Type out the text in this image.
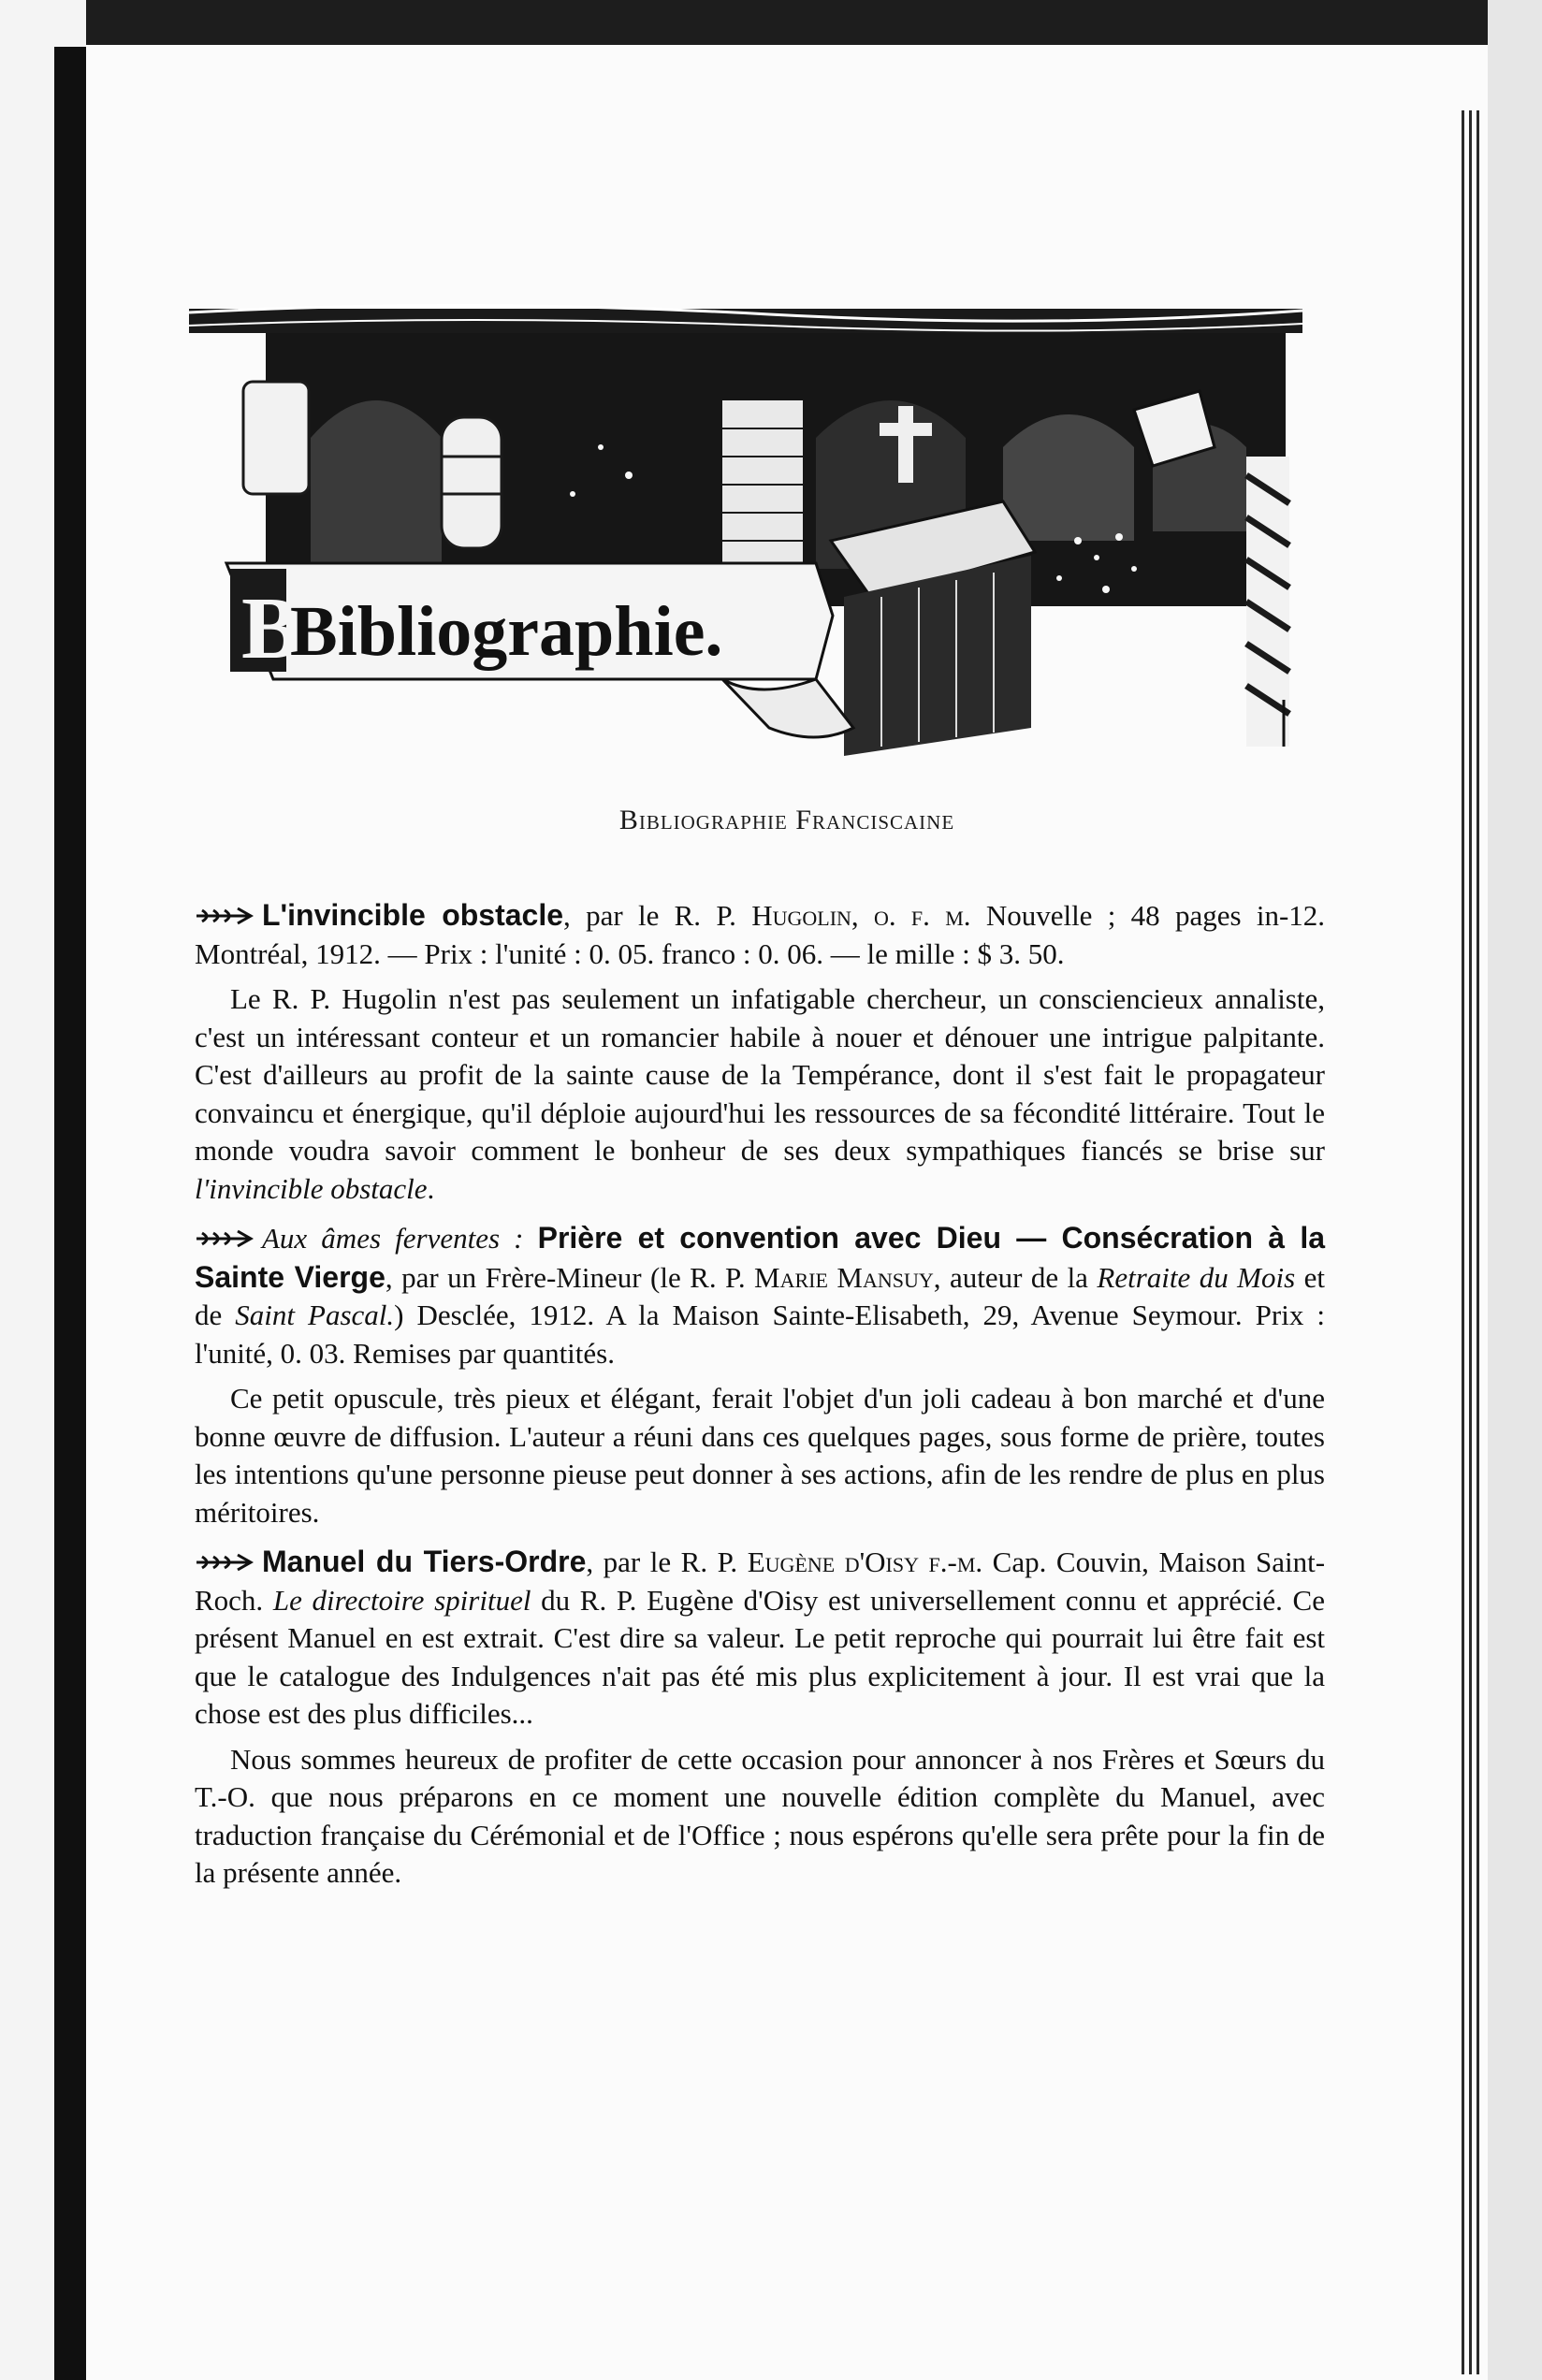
B
Bibliographie.
Bibliographie Franciscaine

L'invincible obstacle, par le R. P. Hugolin, o. f. m. Nouvelle ; 48 pages in-12. Montréal, 1912. — Prix : l'unité : 0. 05. franco : 0. 06. — le mille : $ 3. 50.

Le R. P. Hugolin n'est pas seulement un infatigable chercheur, un consciencieux annaliste, c'est un intéressant conteur et un romancier habile à nouer et dénouer une intrigue palpitante. C'est d'ailleurs au profit de la sainte cause de la Tempérance, dont il s'est fait le propagateur convaincu et énergique, qu'il déploie aujourd'hui les ressources de sa fécondité littéraire. Tout le monde voudra savoir comment le bonheur de ses deux sympathiques fiancés se brise sur l'invincible obstacle.

Aux âmes ferventes : Prière et convention avec Dieu — Consécration à la Sainte Vierge, par un Frère-Mineur (le R. P. Marie Mansuy, auteur de la Retraite du Mois et de Saint Pascal.) Desclée, 1912. A la Maison Sainte-Elisabeth, 29, Avenue Seymour. Prix : l'unité, 0. 03. Remises par quantités.

Ce petit opuscule, très pieux et élégant, ferait l'objet d'un joli cadeau à bon marché et d'une bonne œuvre de diffusion. L'auteur a réuni dans ces quelques pages, sous forme de prière, toutes les intentions qu'une personne pieuse peut donner à ses actions, afin de les rendre de plus en plus méritoires.

Manuel du Tiers-Ordre, par le R. P. Eugène d'Oisy f.-m. Cap. Couvin, Maison Saint-Roch. Le directoire spirituel du R. P. Eugène d'Oisy est universellement connu et apprécié. Ce présent Manuel en est extrait. C'est dire sa valeur. Le petit reproche qui pourrait lui être fait est que le catalogue des Indulgences n'ait pas été mis plus explicitement à jour. Il est vrai que la chose est des plus difficiles...

Nous sommes heureux de profiter de cette occasion pour annoncer à nos Frères et Sœurs du T.-O. que nous préparons en ce moment une nouvelle édition complète du Manuel, avec traduction française du Cérémonial et de l'Office ; nous espérons qu'elle sera prête pour la fin de la présente année.
